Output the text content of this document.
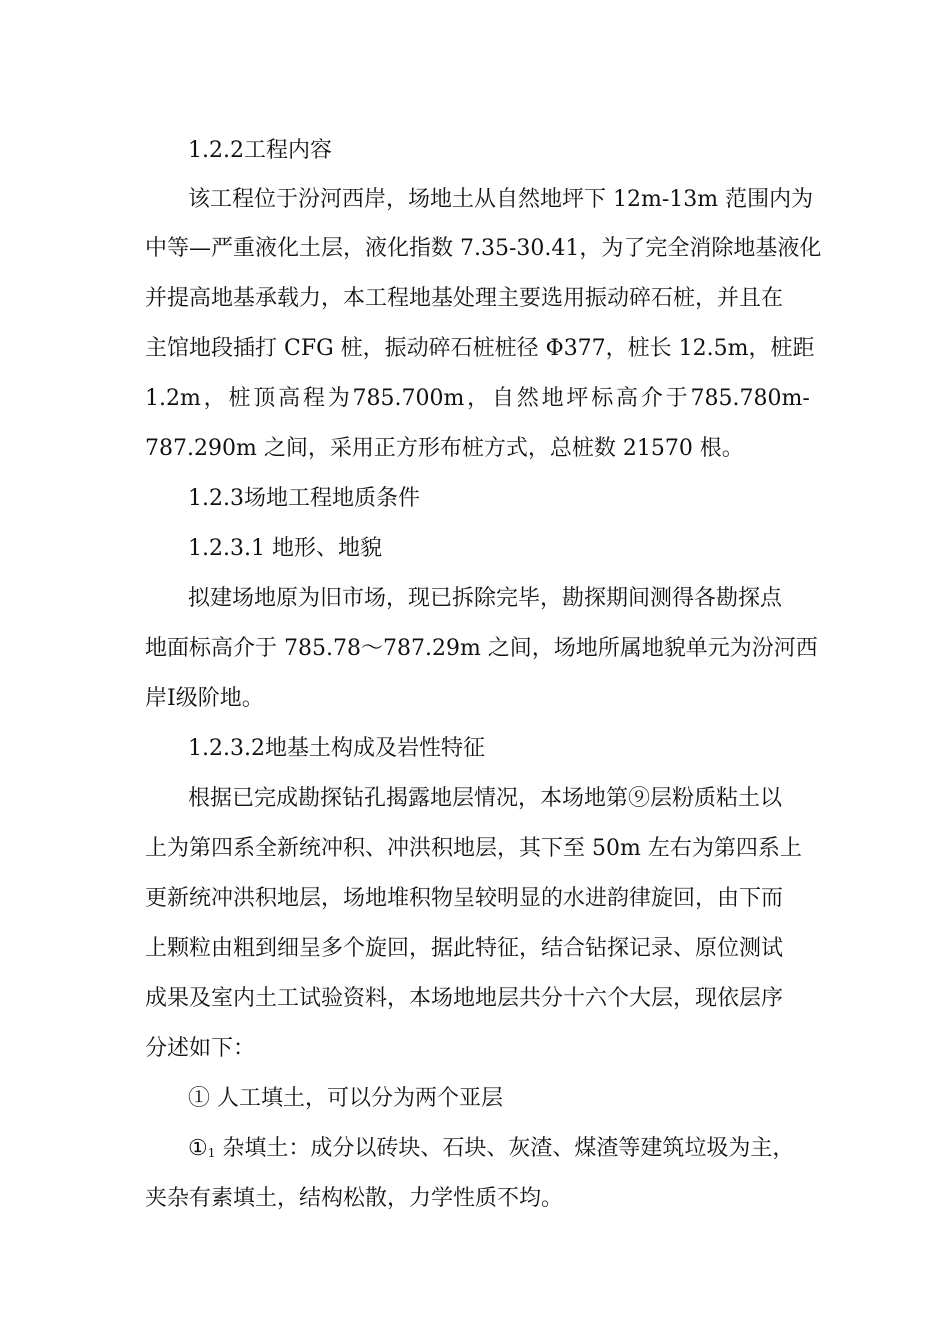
1.2.2工程内容
该工程位于汾河西岸，场地土从自然地坪下 12m-13m 范围内为
中等—严重液化土层，液化指数 7.35-30.41，为了完全消除地基液化
并提高地基承载力，本工程地基处理主要选用振动碎石桩，并且在
主馆地段插打 CFG 桩，振动碎石桩桩径 Φ377，桩长 12.5m，桩距
1.2m ， 桩 顶 高 程 为 785.700m ， 自 然 地 坪 标 高 介 于 785.780m-
787.290m 之间，采用正方形布桩方式，总桩数 21570 根。
1.2.3场地工程地质条件
1.2.3.1 地形、地貌
拟建场地原为旧市场，现已拆除完毕，勘探期间测得各勘探点
地面标高介于 785.78～787.29m 之间，场地所属地貌单元为汾河西
岸Ⅰ级阶地。
1.2.3.2地基土构成及岩性特征
根据已完成勘探钻孔揭露地层情况，本场地第⑨层粉质粘土以
上为第四系全新统冲积、冲洪积地层，其下至 50m 左右为第四系上
更新统冲洪积地层，场地堆积物呈较明显的水进韵律旋回，由下而
上颗粒由粗到细呈多个旋回，据此特征，结合钻探记录、原位测试
成果及室内土工试验资料，本场地地层共分十六个大层，现依层序
分述如下：
① 人工填土，可以分为两个亚层
$①_1$ 杂填土：成分以砖块、石块、灰渣、煤渣等建筑垃圾为主，
夹杂有素填土，结构松散，力学性质不均。
